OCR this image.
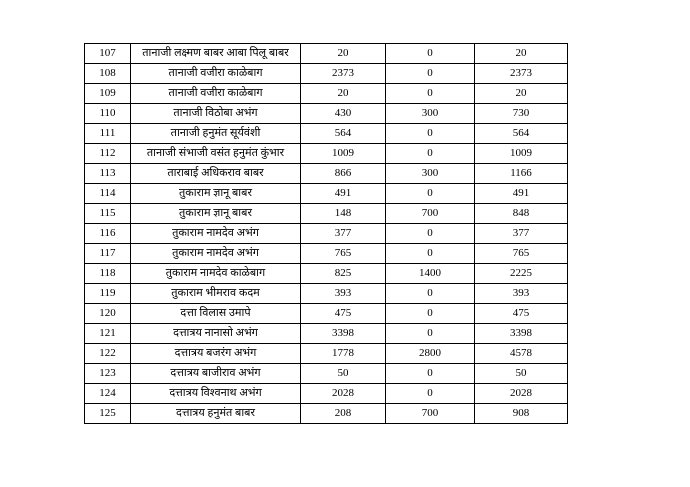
107	तानाजी लक्ष्मण बाबर आबा पिलू बाबर	20	0	20
108	तानाजी वजीरा काळेबाग	2373	0	2373
109	तानाजी वजीरा काळेबाग	20	0	20
110	तानाजी विठोबा अभंग	430	300	730
111	तानाजी हनुमंत सूर्यवंशी	564	0	564
112	तानाजी संभाजी वसंत हनुमंत कुंभार	1009	0	1009
113	ताराबाई अधिकराव बाबर	866	300	1166
114	तुकाराम ज्ञानू बाबर	491	0	491
115	तुकाराम ज्ञानू बाबर	148	700	848
116	तुकाराम नामदेव अभंग	377	0	377
117	तुकाराम नामदेव अभंग	765	0	765
118	तुकाराम नामदेव काळेबाग	825	1400	2225
119	तुकाराम भीमराव कदम	393	0	393
120	दत्ता विलास उमापे	475	0	475
121	दत्तात्रय नानासो अभंग	3398	0	3398
122	दत्तात्रय बजरंग अभंग	1778	2800	4578
123	दत्तात्रय बाजीराव अभंग	50	0	50
124	दत्तात्रय विश्वनाथ अभंग	2028	0	2028
125	दत्तात्रय हनुमंत बाबर	208	700	908
